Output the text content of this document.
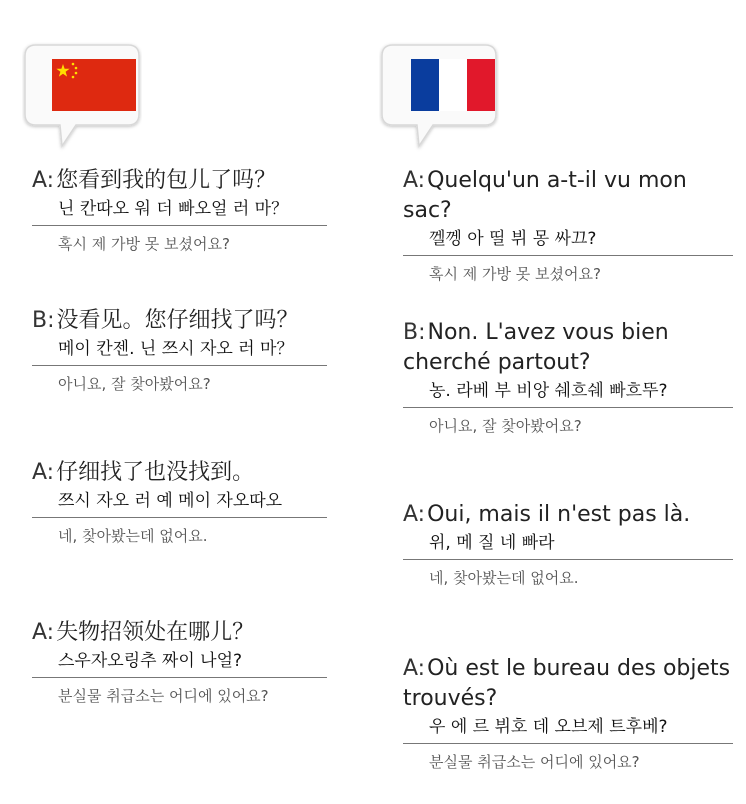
A:您看到我的包儿了吗？
닌 칸따오 워 더 빠오얼 러 마？
혹시 제 가방 못 보셨어요?
B:没看见。您仔细找了吗？
메이 칸젠. 닌 쯔시 자오 러 마？
아니요, 잘 찾아봤어요?
A:仔细找了也没找到。
쯔시 자오 러 예 메이 자오따오
네, 찾아봤는데 없어요.
A:失物招领处在哪儿？
스우자오링추 짜이 나얼?
분실물 취급소는 어디에 있어요?
A:Quelqu'un a-t-il vu mon sac?
껠껭 아 띨 뷔 몽 싸끄?
혹시 제 가방 못 보셨어요?
B:Non. L'avez vous bien cherché partout?
농. 라베 부 비앙 쉐흐쉐 빠흐뚜?
아니요, 잘 찾아봤어요?
A:Oui, mais il n'est pas là.
위, 메 질 네 빠라
네, 찾아봤는데 없어요.
A:Où est le bureau des objets trouvés?
우 에 르 뷔호 데 오브제 트후베?
분실물 취급소는 어디에 있어요?
